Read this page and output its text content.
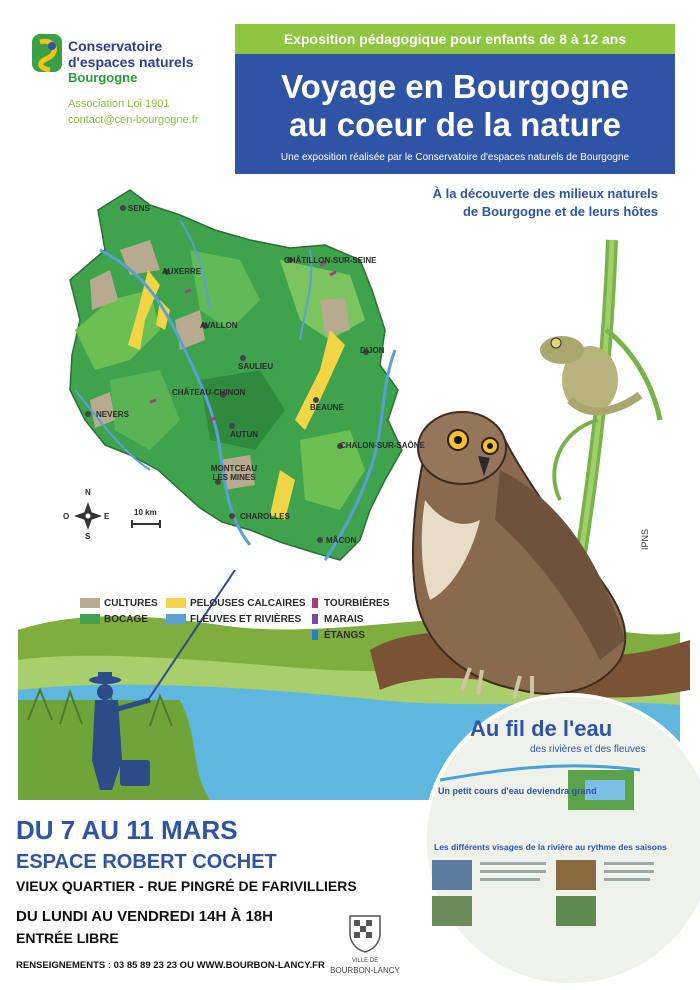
Conservatoire
d'espaces naturels
Bourgogne
Association Loi 1901
contact@cen-bourgogne.fr
Exposition pédagogique pour enfants de 8 à 12 ans
Voyage en Bourgogne
au coeur de la nature
Une exposition réalisée par le Conservatoire d'espaces naturels de Bourgogne
À la découverte des milieux naturels
de Bourgogne et de leurs hôtes
SENS
AUXERRE
CHÂTILLON-SUR-SEINE
AVALLON
DIJON
SAULIEU
CHÂTEAU-CHINON
BEAUNE
NEVERS
AUTUN
CHALON-SUR-SAÔNE
MONTCEAU LES MINES
CHAROLLES
MÂCON
N
S
E
O	10 km
CULTURES	PELOUSES CALCAIRES TOURBIÈRES
BOCAGE	FLEUVES ET RIVIÈRES MARAIS
ÉTANGS
IPNS
Au fil de l'eau
des rivières et des fleuves
Un petit cours d'eau deviendra grand
Les différents visages de la rivière au rythme des saisons
DU 7 AU 11 MARS
ESPACE ROBERT COCHET
VIEUX QUARTIER - RUE PINGRÉ DE FARIVILLIERS
DU LUNDI AU VENDREDI 14H À 18H
ENTRÉE LIBRE
RENSEIGNEMENTS : 03 85 89 23 23 OU WWW.BOURBON-LANCY.FR	VILLE DE
BOURBON-LANCY
